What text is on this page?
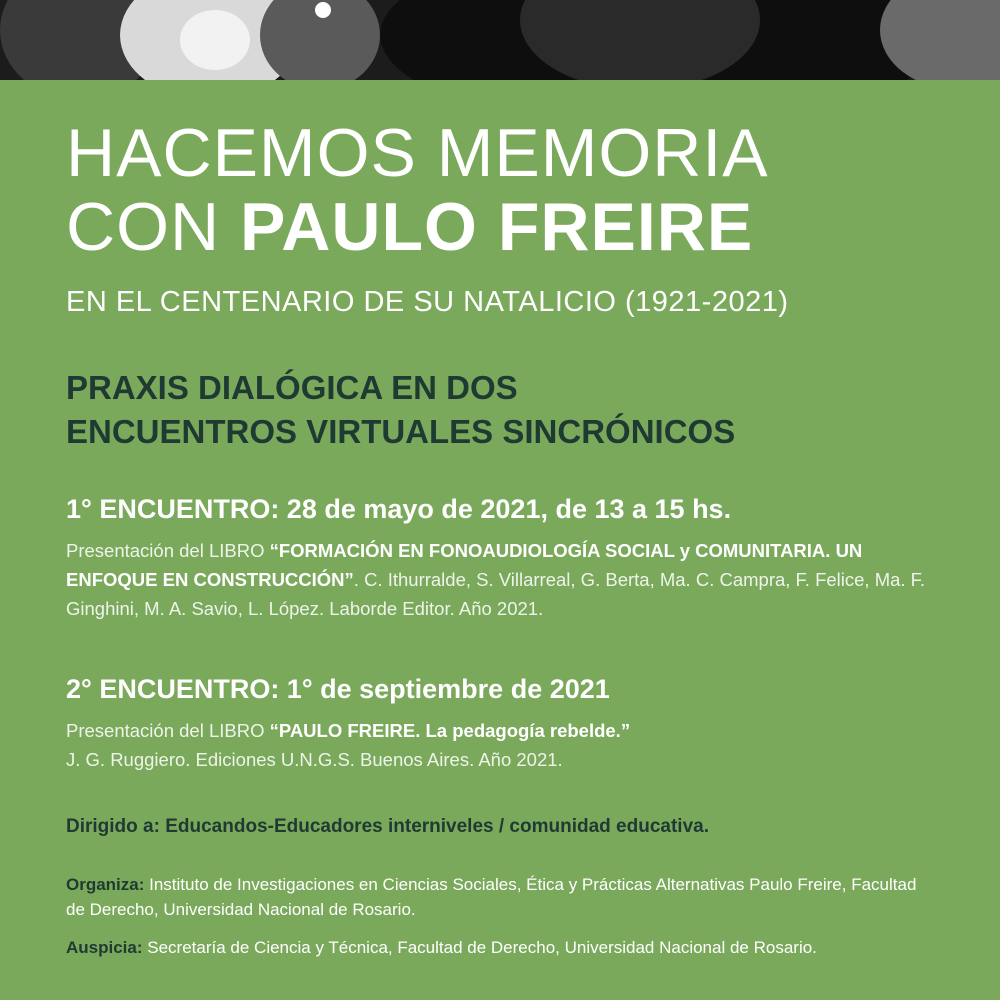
HACEMOS MEMORIA
CON PAULO FREIRE
EN EL CENTENARIO DE SU NATALICIO (1921-2021)
PRAXIS DIALÓGICA EN DOS
ENCUENTROS VIRTUALES SINCRÓNICOS
1° ENCUENTRO: 28 de mayo de 2021, de 13 a 15 hs.
Presentación del LIBRO “FORMACIÓN EN FONOAUDIOLOGÍA SOCIAL y COMUNITARIA. UN ENFOQUE EN CONSTRUCCIÓN”. C. Ithurralde, S. Villarreal, G. Berta, Ma. C. Campra, F. Felice, Ma. F. Ginghini, M. A. Savio, L. López. Laborde Editor. Año 2021.
2° ENCUENTRO: 1° de septiembre de 2021
Presentación del LIBRO “PAULO FREIRE. La pedagogía rebelde.”
J. G. Ruggiero. Ediciones U.N.G.S. Buenos Aires. Año 2021.
Dirigido a: Educandos-Educadores interniveles / comunidad educativa.
Organiza: Instituto de Investigaciones en Ciencias Sociales, Ética y Prácticas Alternativas Paulo Freire, Facultad de Derecho, Universidad Nacional de Rosario.
Auspicia: Secretaría de Ciencia y Técnica, Facultad de Derecho, Universidad Nacional de Rosario.
